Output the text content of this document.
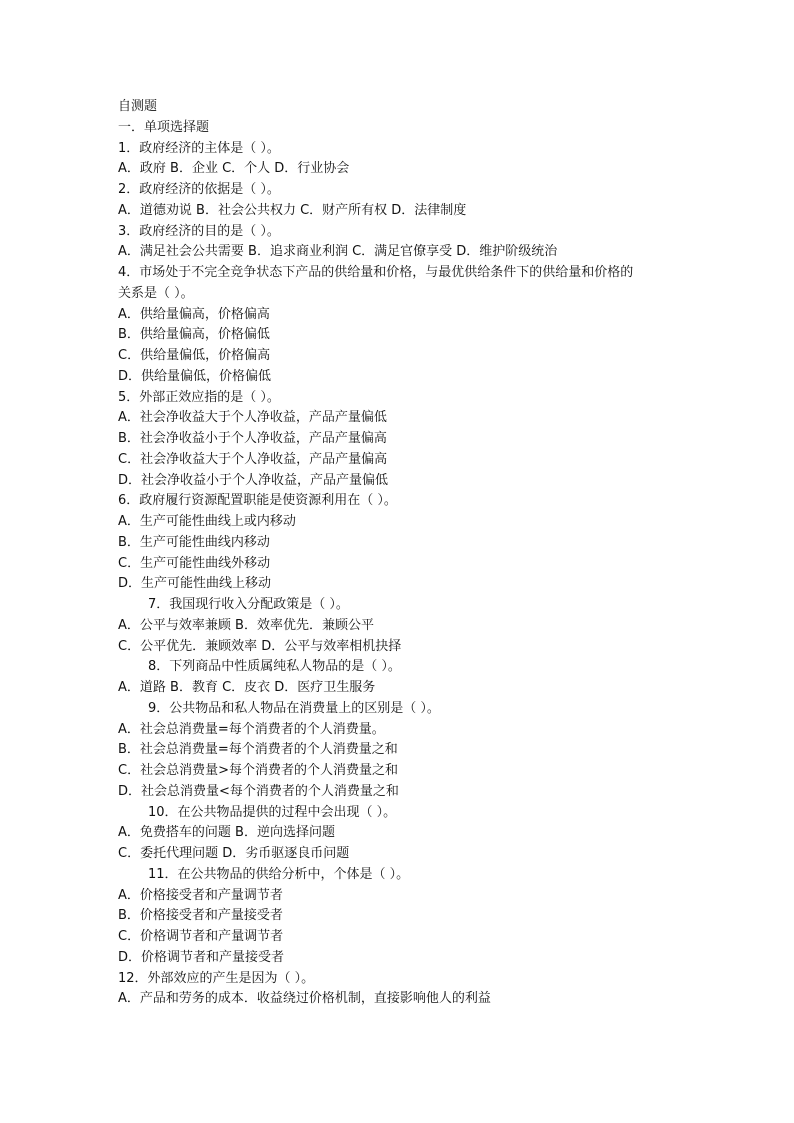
自测题
一．单项选择题
1．政府经济的主体是（ ）。
A．政府 B．企业 C．个人 D．行业协会
2．政府经济的依据是（ ）。
A．道德劝说 B．社会公共权力 C．财产所有权 D．法律制度
3．政府经济的目的是（ ）。
A．满足社会公共需要 B．追求商业利润 C．满足官僚享受 D．维护阶级统治
4．市场处于不完全竞争状态下产品的供给量和价格，与最优供给条件下的供给量和价格的
关系是（ ）。
A．供给量偏高，价格偏高
B．供给量偏高，价格偏低
C．供给量偏低，价格偏高
D．供给量偏低，价格偏低
5．外部正效应指的是（ ）。
A．社会净收益大于个人净收益，产品产量偏低
B．社会净收益小于个人净收益，产品产量偏高
C．社会净收益大于个人净收益，产品产量偏高
D．社会净收益小于个人净收益，产品产量偏低
6．政府履行资源配置职能是使资源利用在（ ）。
A．生产可能性曲线上或内移动
B．生产可能性曲线内移动
C．生产可能性曲线外移动
D．生产可能性曲线上移动
7．我国现行收入分配政策是（ ）。
A．公平与效率兼顾 B．效率优先．兼顾公平
C．公平优先．兼顾效率 D．公平与效率相机抉择
8．下列商品中性质属纯私人物品的是（ ）。
A．道路 B．教育 C．皮衣 D．医疗卫生服务
9．公共物品和私人物品在消费量上的区别是（ ）。
A．社会总消费量=每个消费者的个人消费量。
B．社会总消费量=每个消费者的个人消费量之和
C．社会总消费量>每个消费者的个人消费量之和
D．社会总消费量<每个消费者的个人消费量之和
10．在公共物品提供的过程中会出现（ ）。
A．免费搭车的问题 B．逆向选择问题
C．委托代理问题 D．劣币驱逐良币问题
11．在公共物品的供给分析中，个体是（ ）。
A．价格接受者和产量调节者
B．价格接受者和产量接受者
C．价格调节者和产量调节者
D．价格调节者和产量接受者
12．外部效应的产生是因为（ ）。
A．产品和劳务的成本．收益绕过价格机制，直接影响他人的利益
